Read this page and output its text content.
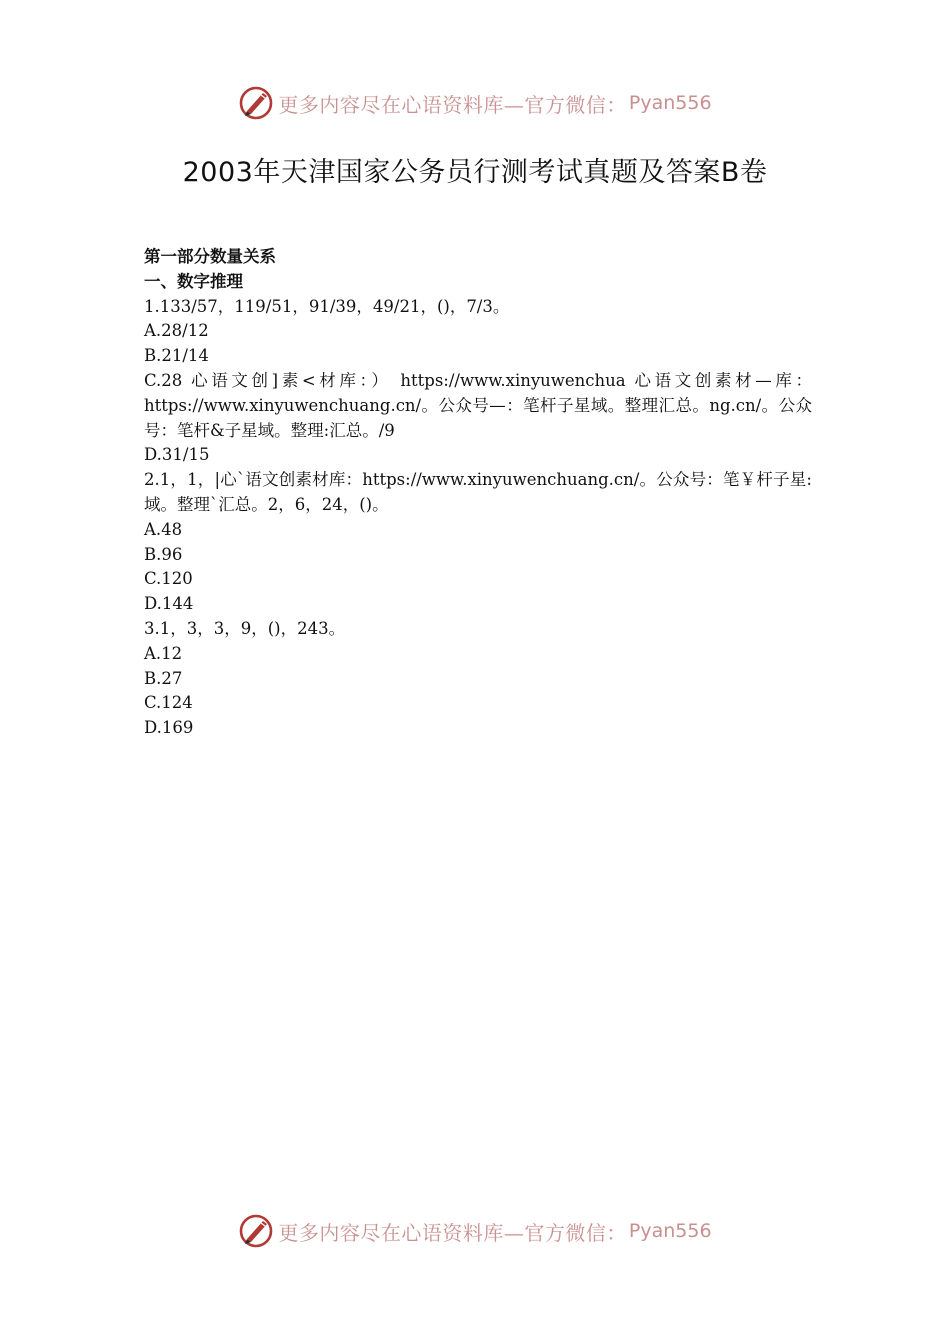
更多内容尽在心语资料库—官方微信： Pyan556
2003年天津国家公务员行测考试真题及答案B卷

第一部分数量关系

一、数字推理

1.133/57，119/51，91/39，49/21，()，7/3。

A.28/12

B.21/14

C.28 心语文创]素<材库：） https://www.xinyuwenchua 心语文创素材—库：https://www.xinyuwenchuang.cn/。公众号—：笔杆子星域。整理汇总。ng.cn/。公众号：笔杆&子星域。整理:汇总。/9

D.31/15

2.1，1，|心`语文创素材库：https://www.xinyuwenchuang.cn/。公众号：笔￥杆子星:域。整理`汇总。2，6，24，()。

A.48

B.96

C.120

D.144

3.1，3，3，9，()，243。

A.12

B.27

C.124

D.169

更多内容尽在心语资料库—官方微信： Pyan556
